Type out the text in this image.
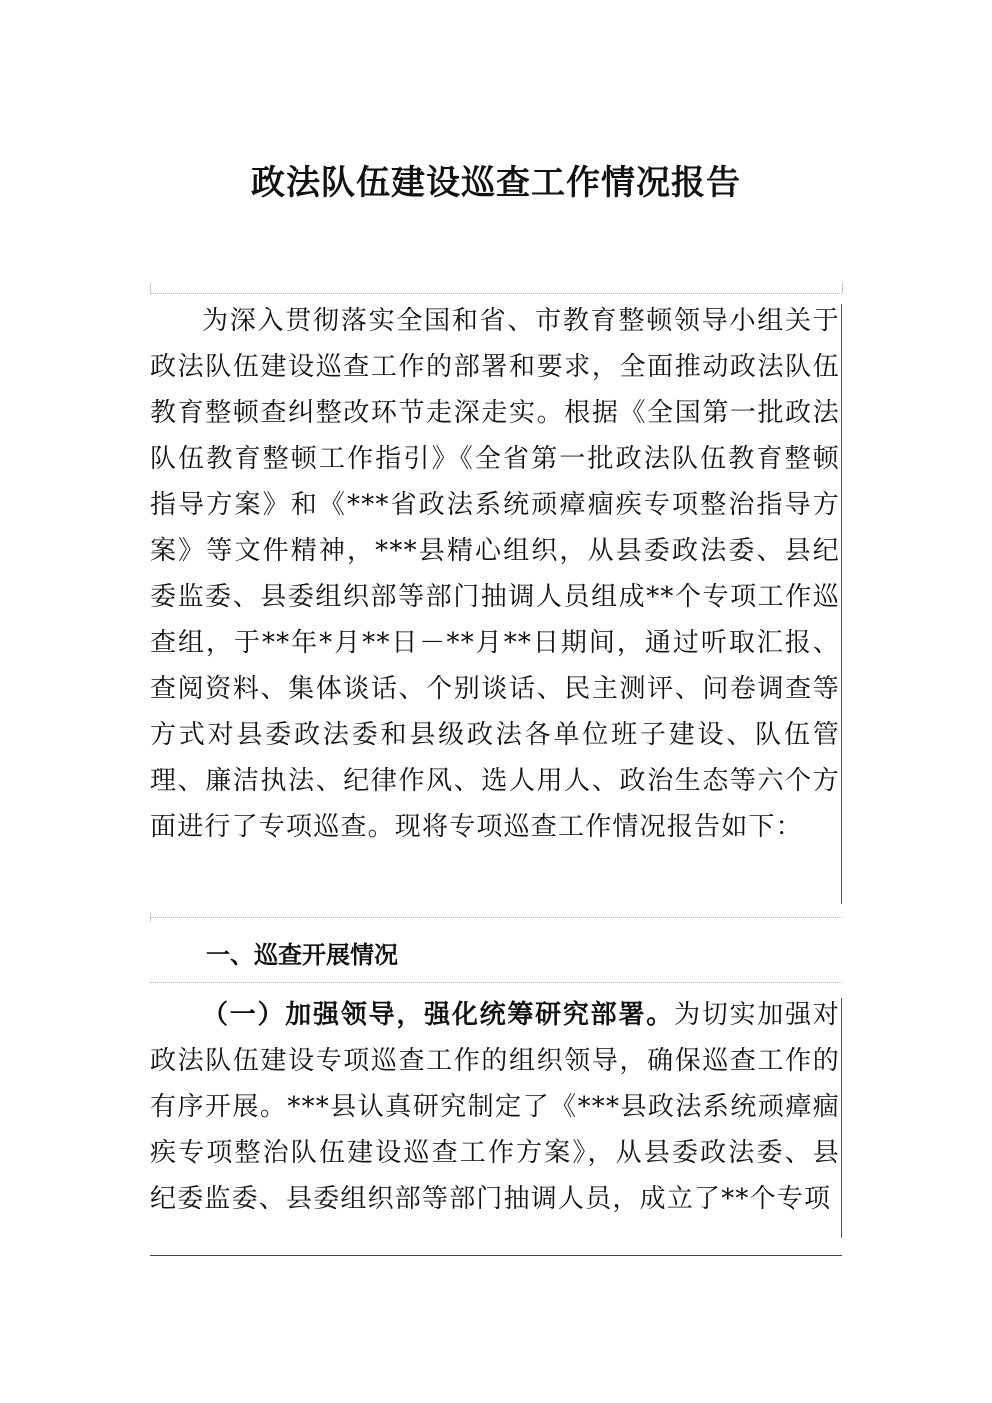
政法队伍建设巡查工作情况报告

为深入贯彻落实全国和省、市教育整顿领导小组关于政法队伍建设巡查工作的部署和要求，全面推动政法队伍教育整顿查纠整改环节走深走实。根据《全国第一批政法队伍教育整顿工作指引》《全省第一批政法队伍教育整顿指导方案》和《***省政法系统顽瘴痼疾专项整治指导方案》等文件精神，***县精心组织，从县委政法委、县纪委监委、县委组织部等部门抽调人员组成**个专项工作巡查组，于**年*月**日－**月**日期间，通过听取汇报、查阅资料、集体谈话、个别谈话、民主测评、问卷调查等方式对县委政法委和县级政法各单位班子建设、队伍管理、廉洁执法、纪律作风、选人用人、政治生态等六个方面进行了专项巡查。现将专项巡查工作情况报告如下：

一、巡查开展情况

（一）加强领导，强化统筹研究部署。为切实加强对政法队伍建设专项巡查工作的组织领导，确保巡查工作的有序开展。***县认真研究制定了《***县政法系统顽瘴痼疾专项整治队伍建设巡查工作方案》，从县委政法委、县纪委监委、县委组织部等部门抽调人员，成立了**个专项
